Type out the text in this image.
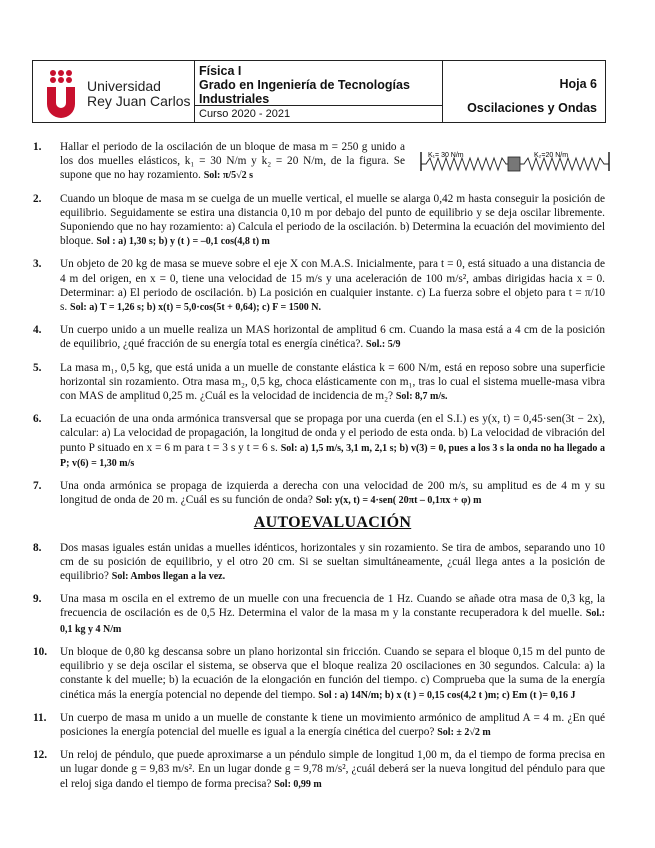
Universidad
Rey Juan Carlos
Física I
Grado en Ingeniería de Tecnologías Industriales
Curso 2020 - 2021
Hoja 6
Oscilaciones y Ondas
K₁= 30 N/m	K₂=20 N/m
1. Hallar el periodo de la oscilación de un bloque de masa m = 250 g unido a los dos muelles elásticos, k₁ = 30 N/m y k₂ = 20 N/m, de la figura. Se supone que no hay rozamiento. Sol: π/5√2 s
2. Cuando un bloque de masa m se cuelga de un muelle vertical, el muelle se alarga 0,42 m hasta conseguir la posición de equilibrio. Seguidamente se estira una distancia 0,10 m por debajo del punto de equilibrio y se deja oscilar libremente. Suponiendo que no hay rozamiento: a) Calcula el periodo de la oscilación. b) Determina la ecuación del movimiento del bloque. Sol : a) 1,30 s; b) y (t ) = –0,1 cos(4,8 t) m
3. Un objeto de 20 kg de masa se mueve sobre el eje X con M.A.S. Inicialmente, para t = 0, está situado a una distancia de 4 m del origen, en x = 0, tiene una velocidad de 15 m/s y una aceleración de 100 m/s², ambas dirigidas hacia x = 0. Determinar: a) El periodo de oscilación. b) La posición en cualquier instante. c) La fuerza sobre el objeto para t = π/10 s. Sol: a) T = 1,26 s; b) x(t) = 5,0·cos(5t + 0,64); c) F = 1500 N.
4. Un cuerpo unido a un muelle realiza un MAS horizontal de amplitud 6 cm. Cuando la masa está a 4 cm de la posición de equilibrio, ¿qué fracción de su energía total es energía cinética?. Sol.: 5/9
5. La masa m₁, 0,5 kg, que está unida a un muelle de constante elástica k = 600 N/m, está en reposo sobre una superficie horizontal sin rozamiento. Otra masa m₂, 0,5 kg, choca elásticamente con m₁, tras lo cual el sistema muelle-masa vibra con MAS de amplitud 0,25 m. ¿Cuál es la velocidad de incidencia de m₂? Sol: 8,7 m/s.
6. La ecuación de una onda armónica transversal que se propaga por una cuerda (en el S.I.) es y(x, t) = 0,45·sen(3t − 2x), calcular: a) La velocidad de propagación, la longitud de onda y el periodo de esta onda. b) La velocidad de vibración del punto P situado en x = 6 m para t = 3 s y t = 6 s. Sol: a) 1,5 m/s, 3,1 m, 2,1 s; b) v(3) = 0, pues a los 3 s la onda no ha llegado a P; v(6) = 1,30 m/s
7. Una onda armónica se propaga de izquierda a derecha con una velocidad de 200 m/s, su amplitud es de 4 m y su longitud de onda de 20 m. ¿Cuál es su función de onda? Sol: y(x, t) = 4·sen( 20πt – 0,1πx + φ) m
AUTOEVALUACIÓN
8. Dos masas iguales están unidas a muelles idénticos, horizontales y sin rozamiento. Se tira de ambos, separando uno 10 cm de su posición de equilibrio, y el otro 20 cm. Si se sueltan simultáneamente, ¿cuál llega antes a la posición de equilibrio? Sol: Ambos llegan a la vez.
9. Una masa m oscila en el extremo de un muelle con una frecuencia de 1 Hz. Cuando se añade otra masa de 0,3 kg, la frecuencia de oscilación es de 0,5 Hz. Determina el valor de la masa m y la constante recuperadora k del muelle. Sol.: 0,1 kg y 4 N/m
10. Un bloque de 0,80 kg descansa sobre un plano horizontal sin fricción. Cuando se separa el bloque 0,15 m del punto de equilibrio y se deja oscilar el sistema, se observa que el bloque realiza 20 oscilaciones en 30 segundos. Calcula: a) la constante k del muelle; b) la ecuación de la elongación en función del tiempo. c) Comprueba que la suma de la energía cinética más la energía potencial no depende del tiempo. Sol : a) 14N/m; b) x (t ) = 0,15 cos(4,2 t )m; c) Em (t )= 0,16 J
11. Un cuerpo de masa m unido a un muelle de constante k tiene un movimiento armónico de amplitud A = 4 m. ¿En qué posiciones la energía potencial del muelle es igual a la energía cinética del cuerpo? Sol: ± 2√2 m
12. Un reloj de péndulo, que puede aproximarse a un péndulo simple de longitud 1,00 m, da el tiempo de forma precisa en un lugar donde g = 9,83 m/s². En un lugar donde g = 9,78 m/s², ¿cuál deberá ser la nueva longitud del péndulo para que el reloj siga dando el tiempo de forma precisa? Sol: 0,99 m
